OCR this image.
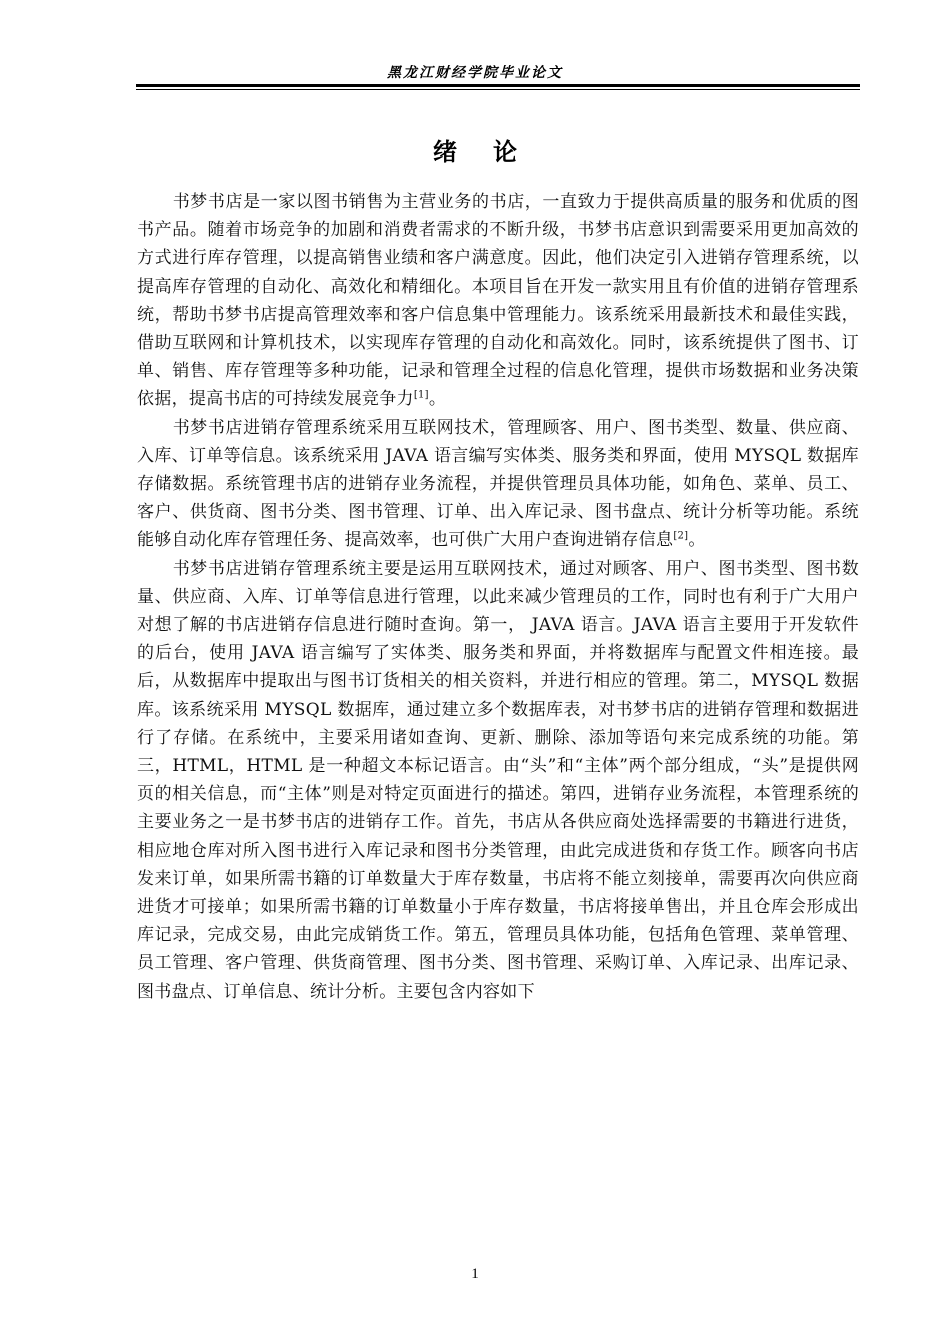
黑龙江财经学院毕业论文
绪论

书梦书店是一家以图书销售为主营业务的书店，一直致力于提供高质量的服务和优质的图书产品。随着市场竞争的加剧和消费者需求的不断升级，书梦书店意识到需要采用更加高效的方式进行库存管理，以提高销售业绩和客户满意度。因此，他们决定引入进销存管理系统，以提高库存管理的自动化、高效化和精细化。本项目旨在开发一款实用且有价值的进销存管理系统，帮助书梦书店提高管理效率和客户信息集中管理能力。该系统采用最新技术和最佳实践，借助互联网和计算机技术，以实现库存管理的自动化和高效化。同时，该系统提供了图书、订单、销售、库存管理等多种功能，记录和管理全过程的信息化管理，提供市场数据和业务决策依据，提高书店的可持续发展竞争力[1]。

书梦书店进销存管理系统采用互联网技术，管理顾客、用户、图书类型、数量、供应商、入库、订单等信息。该系统采用 JAVA 语言编写实体类、服务类和界面，使用 MYSQL 数据库存储数据。系统管理书店的进销存业务流程，并提供管理员具体功能，如角色、菜单、员工、客户、供货商、图书分类、图书管理、订单、出入库记录、图书盘点、统计分析等功能。系统能够自动化库存管理任务、提高效率，也可供广大用户查询进销存信息[2]。

书梦书店进销存管理系统主要是运用互联网技术，通过对顾客、用户、图书类型、图书数量、供应商、入库、订单等信息进行管理，以此来减少管理员的工作，同时也有利于广大用户对想了解的书店进销存信息进行随时查询。第一， JAVA 语言。JAVA 语言主要用于开发软件的后台，使用 JAVA 语言编写了实体类、服务类和界面，并将数据库与配置文件相连接。最后，从数据库中提取出与图书订货相关的相关资料，并进行相应的管理。第二，MYSQL 数据库。该系统采用 MYSQL 数据库，通过建立多个数据库表，对书梦书店的进销存管理和数据进行了存储。在系统中，主要采用诸如查询、更新、删除、添加等语句来完成系统的功能。第三，HTML，HTML 是一种超文本标记语言。由“头”和“主体”两个部分组成，“头”是提供网页的相关信息，而“主体”则是对特定页面进行的描述。第四，进销存业务流程，本管理系统的主要业务之一是书梦书店的进销存工作。首先，书店从各供应商处选择需要的书籍进行进货，相应地仓库对所入图书进行入库记录和图书分类管理，由此完成进货和存货工作。顾客向书店发来订单，如果所需书籍的订单数量大于库存数量，书店将不能立刻接单，需要再次向供应商进货才可接单；如果所需书籍的订单数量小于库存数量，书店将接单售出，并且仓库会形成出库记录，完成交易，由此完成销货工作。第五，管理员具体功能，包括角色管理、菜单管理、员工管理、客户管理、供货商管理、图书分类、图书管理、采购订单、入库记录、出库记录、图书盘点、订单信息、统计分析。主要包含内容如下

1
